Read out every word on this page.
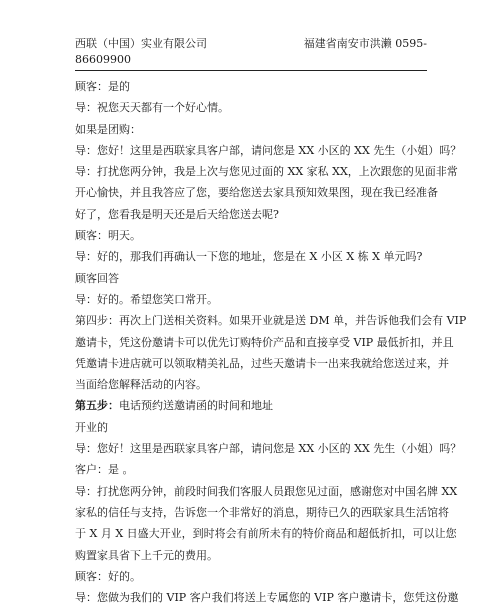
西联（中国）实业有限公司	福建省南安市洪濑 0595-
86609900
顾客：是的
导：祝您天天都有一个好心情。
如果是团购：
导：您好！这里是西联家具客户部，请问您是 XX 小区的 XX 先生（小姐）吗？
导：打扰您两分钟，我是上次与您见过面的 XX 家私 XX，上次跟您的见面非常
开心愉快，并且我答应了您，要给您送去家具预知效果图，现在我已经准备
好了，您看我是明天还是后天给您送去呢?
顾客：明天。
导：好的，那我们再确认一下您的地址，您是在 X 小区 X 栋 X 单元吗?
顾客回答
导：好的。希望您笑口常开。
第四步：再次上门送相关资料。如果开业就是送 DM 单，并告诉他我们会有 VIP
邀请卡，凭这份邀请卡可以优先订购特价产品和直接享受 VIP 最低折扣，并且
凭邀请卡进店就可以领取精美礼品，过些天邀请卡一出来我就给您送过来，并
当面给您解释活动的内容。
第五步：电话预约送邀请函的时间和地址
开业的
导：您好！这里是西联家具客户部，请问您是 XX 小区的 XX 先生（小姐）吗？
客户：是 。
导：打扰您两分钟，前段时间我们客服人员跟您见过面，感谢您对中国名牌 XX
家私的信任与支持，告诉您一个非常好的消息，期待已久的西联家具生活馆将
于 X 月 X 日盛大开业，到时将会有前所未有的特价商品和超低折扣，可以让您
购置家具省下上千元的费用。
顾客：好的。
导：您做为我们的 VIP 客户我们将送上专属您的 VIP 客户邀请卡，您凭这份邀
